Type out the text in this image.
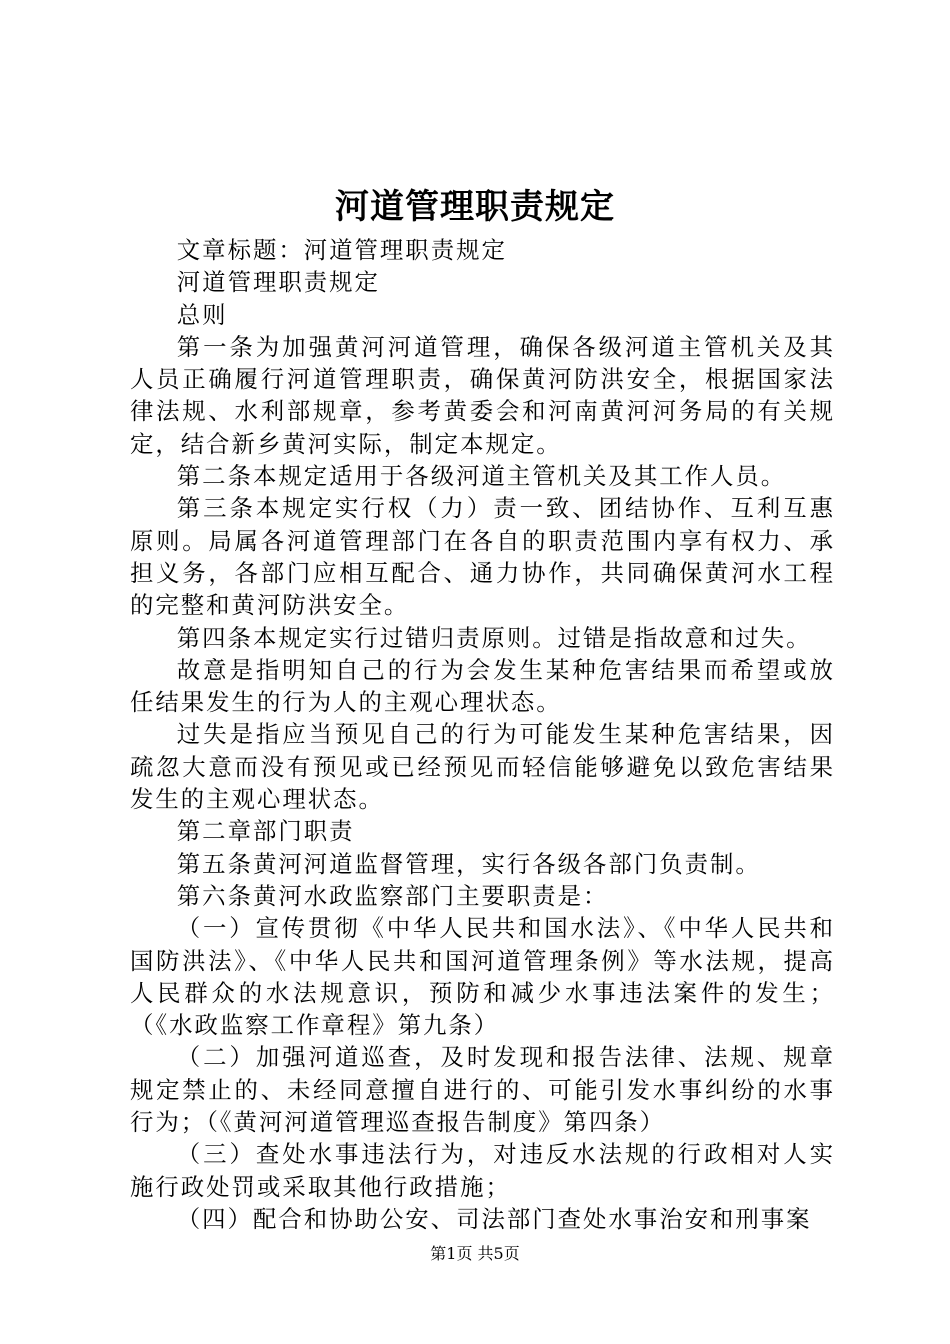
河道管理职责规定

文章标题：河道管理职责规定

河道管理职责规定

总则

第一条为加强黄河河道管理，确保各级河道主管机关及其人员正确履行河道管理职责，确保黄河防洪安全，根据国家法律法规、水利部规章，参考黄委会和河南黄河河务局的有关规定，结合新乡黄河实际，制定本规定。

第二条本规定适用于各级河道主管机关及其工作人员。

第三条本规定实行权（力）责一致、团结协作、互利互惠原则。局属各河道管理部门在各自的职责范围内享有权力、承担义务，各部门应相互配合、通力协作，共同确保黄河水工程的完整和黄河防洪安全。

第四条本规定实行过错归责原则。过错是指故意和过失。

故意是指明知自己的行为会发生某种危害结果而希望或放任结果发生的行为人的主观心理状态。

过失是指应当预见自己的行为可能发生某种危害结果，因疏忽大意而没有预见或已经预见而轻信能够避免以致危害结果发生的主观心理状态。

第二章部门职责

第五条黄河河道监督管理，实行各级各部门负责制。

第六条黄河水政监察部门主要职责是：

（一）宣传贯彻《中华人民共和国水法》、《中华人民共和国防洪法》、《中华人民共和国河道管理条例》等水法规，提高人民群众的水法规意识，预防和减少水事违法案件的发生；（《水政监察工作章程》第九条）

（二）加强河道巡查，及时发现和报告法律、法规、规章规定禁止的、未经同意擅自进行的、可能引发水事纠纷的水事行为；（《黄河河道管理巡查报告制度》第四条）

（三）查处水事违法行为，对违反水法规的行政相对人实施行政处罚或采取其他行政措施；

（四）配合和协助公安、司法部门查处水事治安和刑事案

第1页 共5页
